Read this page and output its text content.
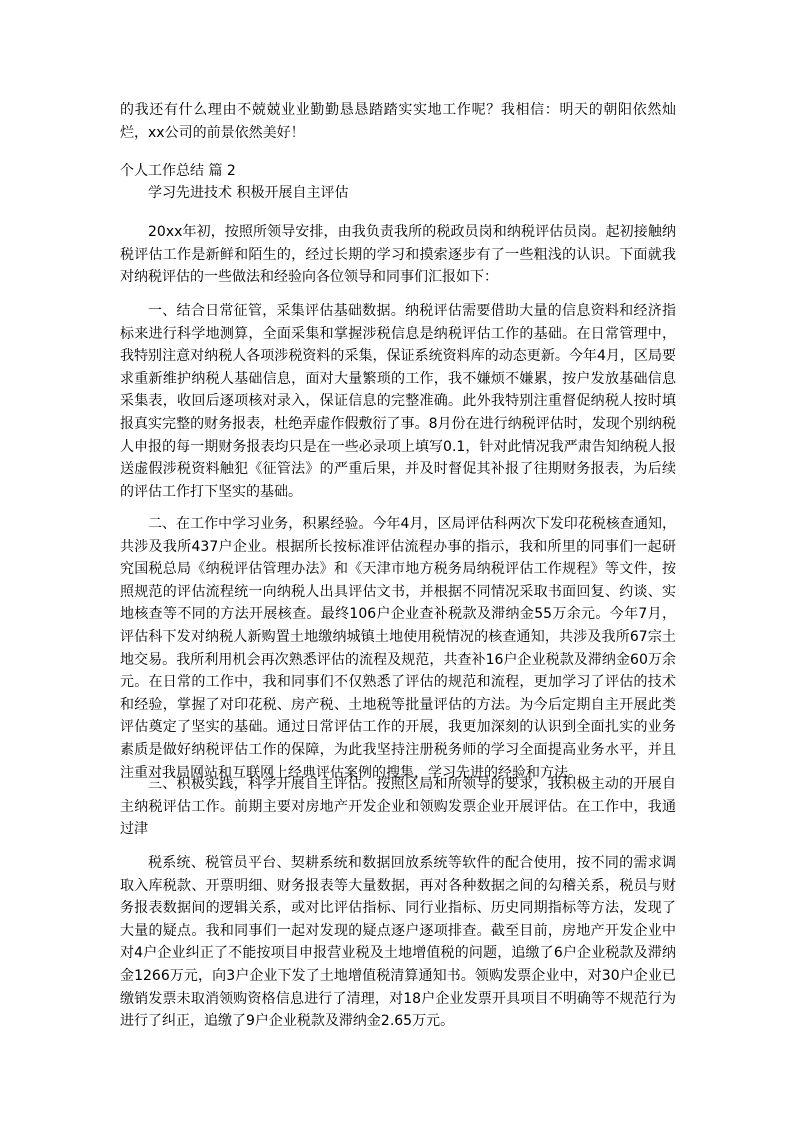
的我还有什么理由不兢兢业业勤勤恳恳踏踏实实地工作呢？我相信：明天的朝阳依然灿烂，xx公司的前景依然美好！

个人工作总结 篇 2

学习先进技术 积极开展自主评估

20xx年初，按照所领导安排，由我负责我所的税政员岗和纳税评估员岗。起初接触纳税评估工作是新鲜和陌生的，经过长期的学习和摸索逐步有了一些粗浅的认识。下面就我对纳税评估的一些做法和经验向各位领导和同事们汇报如下：

一、结合日常征管，采集评估基础数据。纳税评估需要借助大量的信息资料和经济指标来进行科学地测算，全面采集和掌握涉税信息是纳税评估工作的基础。在日常管理中，我特别注意对纳税人各项涉税资料的采集，保证系统资料库的动态更新。今年4月，区局要求重新维护纳税人基础信息，面对大量繁琐的工作，我不嫌烦不嫌累，按户发放基础信息采集表，收回后逐项核对录入，保证信息的完整准确。此外我特别注重督促纳税人按时填报真实完整的财务报表，杜绝弄虚作假敷衍了事。8月份在进行纳税评估时，发现个别纳税人申报的每一期财务报表均只是在一些必录项上填写0.1，针对此情况我严肃告知纳税人报送虚假涉税资料触犯《征管法》的严重后果，并及时督促其补报了往期财务报表，为后续的评估工作打下坚实的基础。

二、在工作中学习业务，积累经验。今年4月，区局评估科两次下发印花税核查通知，共涉及我所437户企业。根据所长按标准评估流程办事的指示，我和所里的同事们一起研究国税总局《纳税评估管理办法》和《天津市地方税务局纳税评估工作规程》等文件，按照规范的评估流程统一向纳税人出具评估文书，并根据不同情况采取书面回复、约谈、实地核查等不同的方法开展核查。最终106户企业查补税款及滞纳金55万余元。今年7月，评估科下发对纳税人新购置土地缴纳城镇土地使用税情况的核查通知，共涉及我所67宗土地交易。我所利用机会再次熟悉评估的流程及规范，共查补16户企业税款及滞纳金60万余元。在日常的工作中，我和同事们不仅熟悉了评估的规范和流程，更加学习了评估的技术和经验，掌握了对印花税、房产税、土地税等批量评估的方法。为今后定期自主开展此类评估奠定了坚实的基础。通过日常评估工作的开展，我更加深刻的认识到全面扎实的业务素质是做好纳税评估工作的保障，为此我坚持注册税务师的学习全面提高业务水平，并且注重对我局网站和互联网上经典评估案例的搜集，学习先进的经验和方法。

三、积极实践，科学开展自主评估。按照区局和所领导的要求，我积极主动的开展自主纳税评估工作。前期主要对房地产开发企业和领购发票企业开展评估。在工作中，我通过津

税系统、税管员平台、契耕系统和数据回放系统等软件的配合使用，按不同的需求调取入库税款、开票明细、财务报表等大量数据，再对各种数据之间的勾稽关系，税员与财务报表数据间的逻辑关系，或对比评估指标、同行业指标、历史同期指标等方法，发现了大量的疑点。我和同事们一起对发现的疑点逐户逐项排查。截至目前，房地产开发企业中对4户企业纠正了不能按项目申报营业税及土地增值税的问题，追缴了6户企业税款及滞纳金1266万元，向3户企业下发了土地增值税清算通知书。领购发票企业中，对30户企业已缴销发票未取消领购资格信息进行了清理，对18户企业发票开具项目不明确等不规范行为进行了纠正，追缴了9户企业税款及滞纳金2.65万元。
